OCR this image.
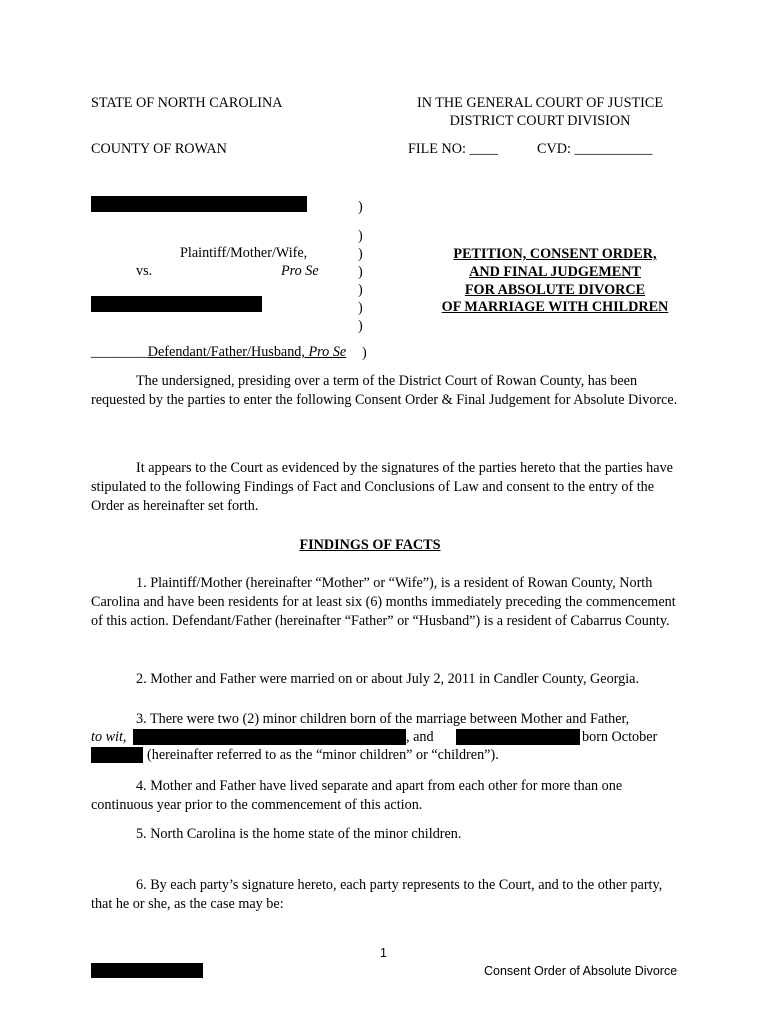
STATE OF NORTH CAROLINA	IN THE GENERAL COURT OF JUSTICE
DISTRICT COURT DIVISION
COUNTY OF ROWAN	FILE NO: ____	CVD: ___________
Plaintiff/Mother/Wife,
vs.	Pro Se
________Defendant/Father/Husband, Pro Se
)
)
)
)
)
)
)
)
PETITION, CONSENT ORDER,
AND FINAL JUDGEMENT
FOR ABSOLUTE DIVORCE
OF MARRIAGE WITH CHILDREN
The undersigned, presiding over a term of the District Court of Rowan County, has been requested by the parties to enter the following Consent Order & Final Judgement for Absolute Divorce.
It appears to the Court as evidenced by the signatures of the parties hereto that the parties have stipulated to the following Findings of Fact and Conclusions of Law and consent to the entry of the Order as hereinafter set forth.
FINDINGS OF FACTS
1. Plaintiff/Mother (hereinafter “Mother” or “Wife”), is a resident of Rowan County, North Carolina and have been residents for at least six (6) months immediately preceding the commencement of this action. Defendant/Father (hereinafter “Father” or “Husband”) is a resident of Cabarrus County.
2. Mother and Father were married on or about July 2, 2011 in Candler County, Georgia.
3. There were two (2) minor children born of the marriage between Mother and Father,
to wit,	, and	born October
(hereinafter referred to as the “minor children” or “children”).
4. Mother and Father have lived separate and apart from each other for more than one continuous year prior to the commencement of this action.
5. North Carolina is the home state of the minor children.
6. By each party’s signature hereto, each party represents to the Court, and to the other party, that he or she, as the case may be:
1
Consent Order of Absolute Divorce
